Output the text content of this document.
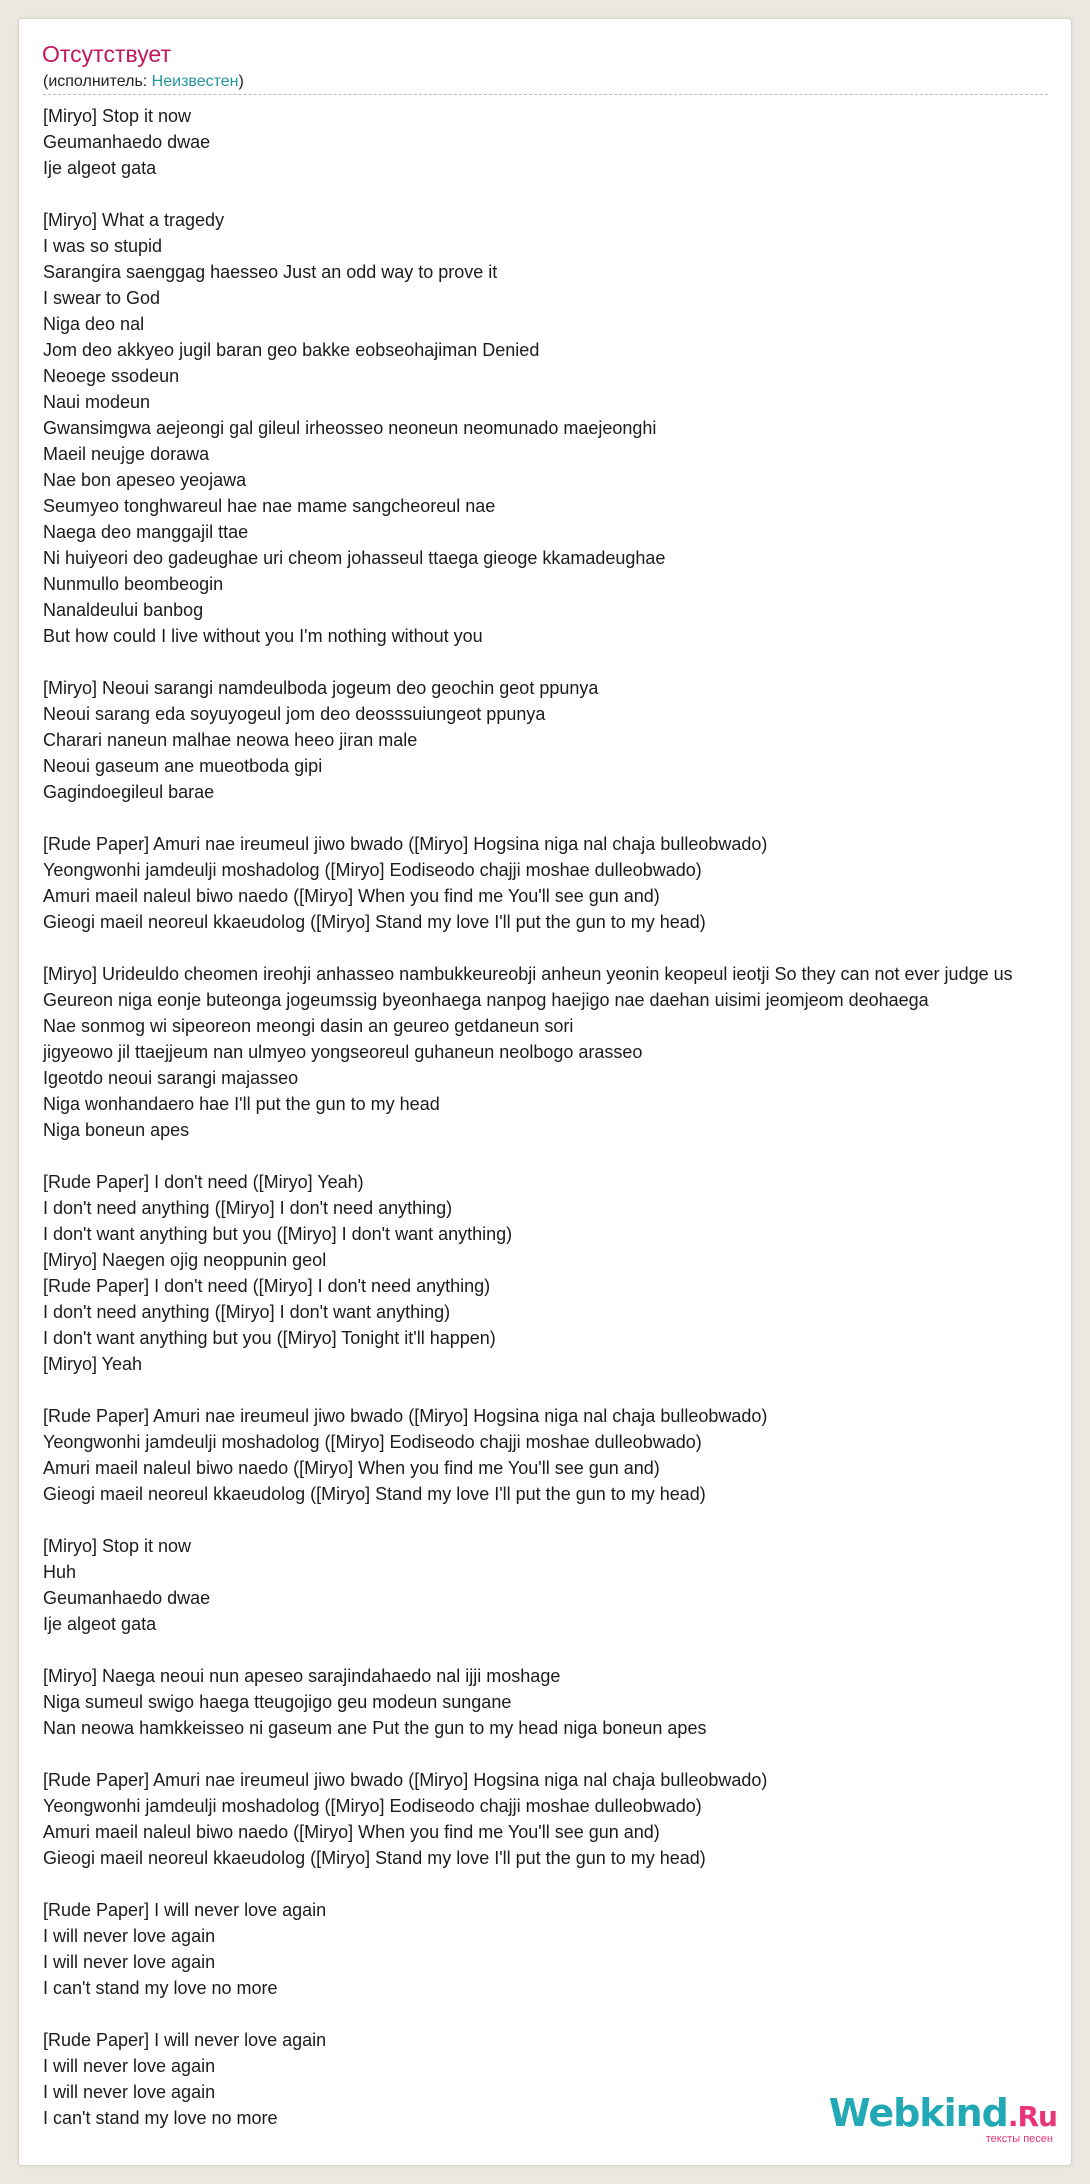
Отсутствует
(исполнитель: Неизвестен)
[Miryo] Stop it now
Geumanhaedo dwae
Ije algeot gata
[Miryo] What a tragedy
I was so stupid
Sarangira saenggag haesseo Just an odd way to prove it
I swear to God
Niga deo nal
Jom deo akkyeo jugil baran geo bakke eobseohajiman Denied
Neoege ssodeun
Naui modeun
Gwansimgwa aejeongi gal gileul irheosseo neoneun neomunado maejeonghi
Maeil neujge dorawa
Nae bon apeseo yeojawa
Seumyeo tonghwareul hae nae mame sangcheoreul nae
Naega deo manggajil ttae
Ni huiyeori deo gadeughae uri cheom johasseul ttaega gieoge kkamadeughae
Nunmullo beombeogin
Nanaldeului banbog
But how could I live without you I'm nothing without you
[Miryo] Neoui sarangi namdeulboda jogeum deo geochin geot ppunya
Neoui sarang eda soyuyogeul jom deo deosssuiungeot ppunya
Charari naneun malhae neowa heeo jiran male
Neoui gaseum ane mueotboda gipi
Gagindoegileul barae
[Rude Paper] Amuri nae ireumeul jiwo bwado ([Miryo] Hogsina niga nal chaja bulleobwado)
Yeongwonhi jamdeulji moshadolog ([Miryo] Eodiseodo chajji moshae dulleobwado)
Amuri maeil naleul biwo naedo ([Miryo] When you find me You'll see gun and)
Gieogi maeil neoreul kkaeudolog ([Miryo] Stand my love I'll put the gun to my head)
[Miryo] Urideuldo cheomen ireohji anhasseo nambukkeureobji anheun yeonin keopeul ieotji So they can not ever judge us
Geureon niga eonje buteonga jogeumssig byeonhaega nanpog haejigo nae daehan uisimi jeomjeom deohaega
Nae sonmog wi sipeoreon meongi dasin an geureo getdaneun sori
jigyeowo jil ttaejjeum nan ulmyeo yongseoreul guhaneun neolbogo arasseo
Igeotdo neoui sarangi majasseo
Niga wonhandaero hae I'll put the gun to my head
Niga boneun apes
[Rude Paper] I don't need ([Miryo] Yeah)
I don't need anything ([Miryo] I don't need anything)
I don't want anything but you ([Miryo] I don't want anything)
[Miryo] Naegen ojig neoppunin geol
[Rude Paper] I don't need ([Miryo] I don't need anything)
I don't need anything ([Miryo] I don't want anything)
I don't want anything but you ([Miryo] Tonight it'll happen)
[Miryo] Yeah
[Rude Paper] Amuri nae ireumeul jiwo bwado ([Miryo] Hogsina niga nal chaja bulleobwado)
Yeongwonhi jamdeulji moshadolog ([Miryo] Eodiseodo chajji moshae dulleobwado)
Amuri maeil naleul biwo naedo ([Miryo] When you find me You'll see gun and)
Gieogi maeil neoreul kkaeudolog ([Miryo] Stand my love I'll put the gun to my head)
[Miryo] Stop it now
Huh
Geumanhaedo dwae
Ije algeot gata
[Miryo] Naega neoui nun apeseo sarajindahaedo nal ijji moshage
Niga sumeul swigo haega tteugojigo geu modeun sungane
Nan neowa hamkkeisseo ni gaseum ane Put the gun to my head niga boneun apes
[Rude Paper] Amuri nae ireumeul jiwo bwado ([Miryo] Hogsina niga nal chaja bulleobwado)
Yeongwonhi jamdeulji moshadolog ([Miryo] Eodiseodo chajji moshae dulleobwado)
Amuri maeil naleul biwo naedo ([Miryo] When you find me You'll see gun and)
Gieogi maeil neoreul kkaeudolog ([Miryo] Stand my love I'll put the gun to my head)
[Rude Paper] I will never love again
I will never love again
I will never love again
I can't stand my love no more
[Rude Paper] I will never love again
I will never love again
I will never love again
I can't stand my love no more	Webkind.Ru
тексты песен
